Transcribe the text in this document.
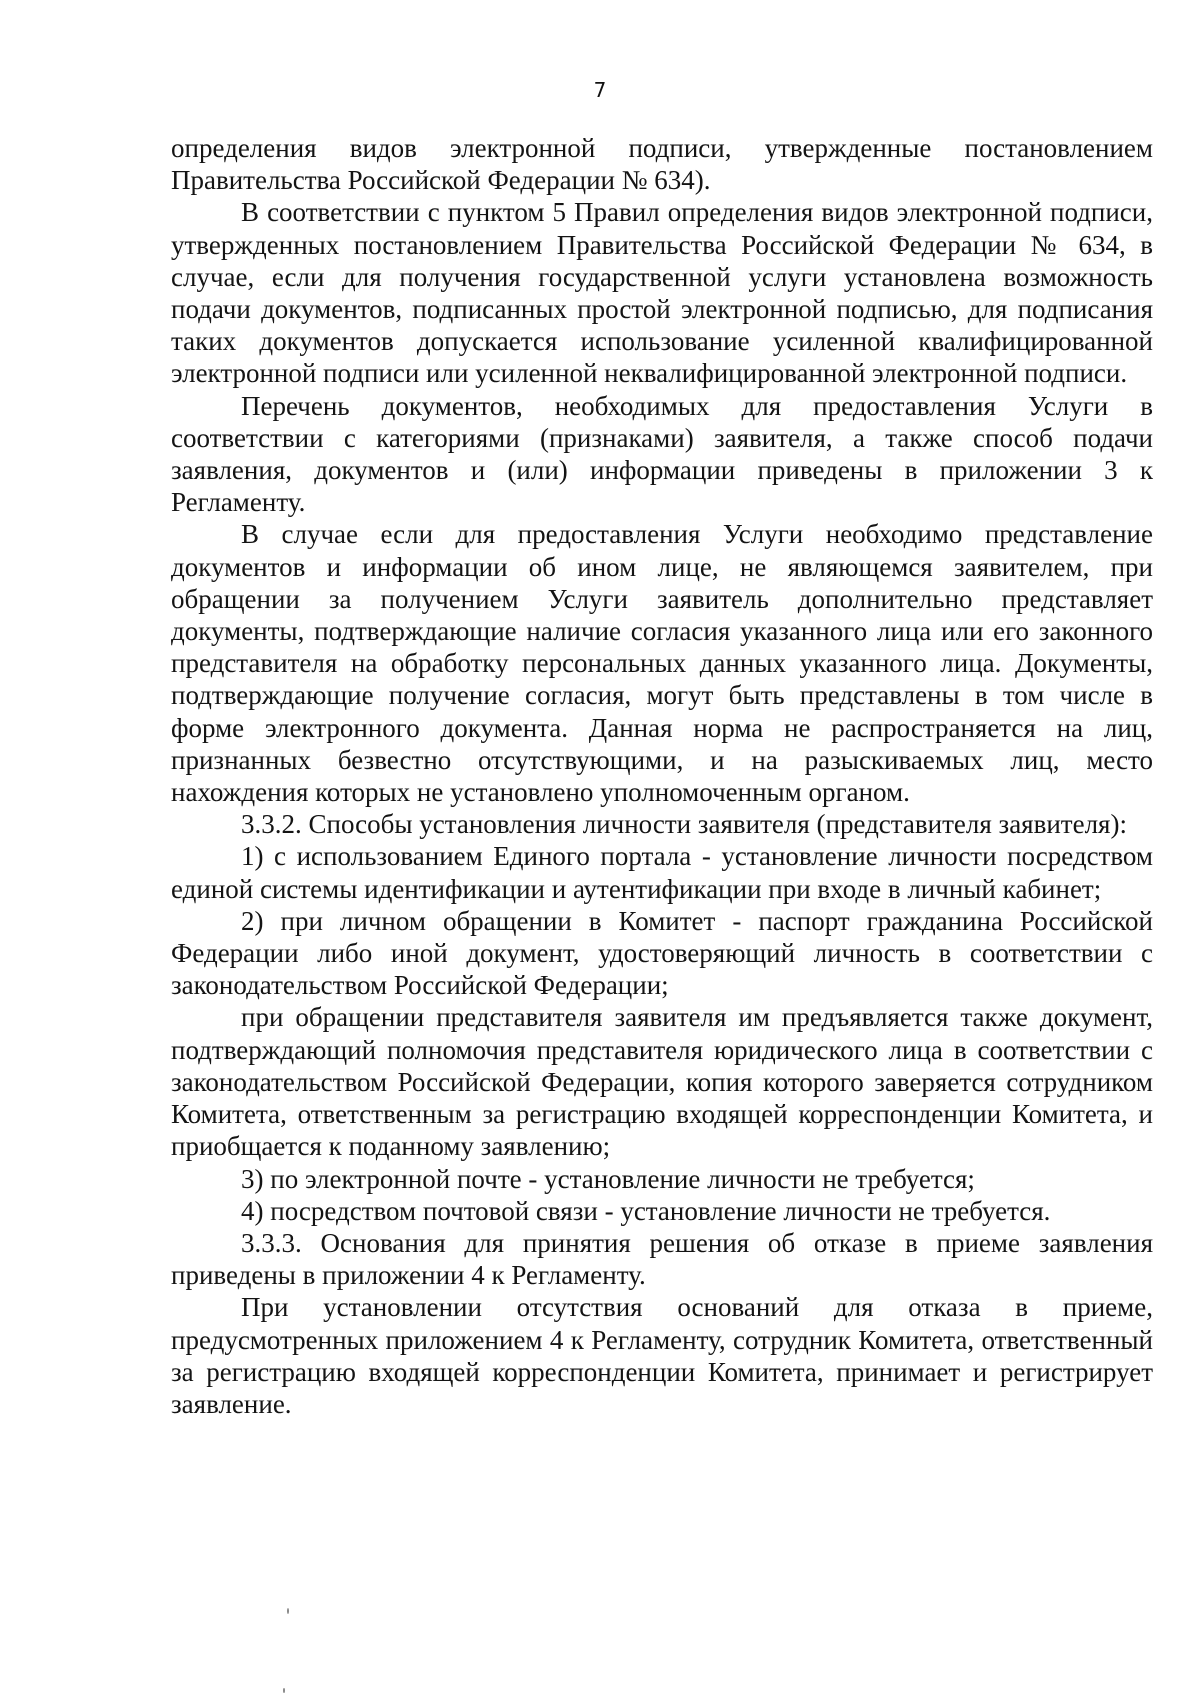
7

определения видов электронной подписи, утвержденные постановлением Правительства Российской Федерации № 634).

В соответствии с пунктом 5 Правил определения видов электронной подписи, утвержденных постановлением Правительства Российской Федерации № 634, в случае, если для получения государственной услуги установлена возможность подачи документов, подписанных простой электронной подписью, для подписания таких документов допускается использование усиленной квалифицированной электронной подписи или усиленной неквалифицированной электронной подписи.

Перечень документов, необходимых для предоставления Услуги в соответствии с категориями (признаками) заявителя, а также способ подачи заявления, документов и (или) информации приведены в приложении 3 к Регламенту.

В случае если для предоставления Услуги необходимо представление документов и информации об ином лице, не являющемся заявителем, при обращении за получением Услуги заявитель дополнительно представляет документы, подтверждающие наличие согласия указанного лица или его законного представителя на обработку персональных данных указанного лица. Документы, подтверждающие получение согласия, могут быть представлены в том числе в форме электронного документа. Данная норма не распространяется на лиц, признанных безвестно отсутствующими, и на разыскиваемых лиц, место нахождения которых не установлено уполномоченным органом.

3.3.2. Способы установления личности заявителя (представителя заявителя):

1) с использованием Единого портала - установление личности посредством единой системы идентификации и аутентификации при входе в личный кабинет;

2) при личном обращении в Комитет - паспорт гражданина Российской Федерации либо иной документ, удостоверяющий личность в соответствии с законодательством Российской Федерации;

при обращении представителя заявителя им предъявляется также документ, подтверждающий полномочия представителя юридического лица в соответствии с законодательством Российской Федерации, копия которого заверяется сотрудником Комитета, ответственным за регистрацию входящей корреспонденции Комитета, и приобщается к поданному заявлению;

3) по электронной почте - установление личности не требуется;

4) посредством почтовой связи - установление личности не требуется.

3.3.3. Основания для принятия решения об отказе в приеме заявления приведены в приложении 4 к Регламенту.

При установлении отсутствия оснований для отказа в приеме, предусмотренных приложением 4 к Регламенту, сотрудник Комитета, ответственный за регистрацию входящей корреспонденции Комитета, принимает и регистрирует заявление.
